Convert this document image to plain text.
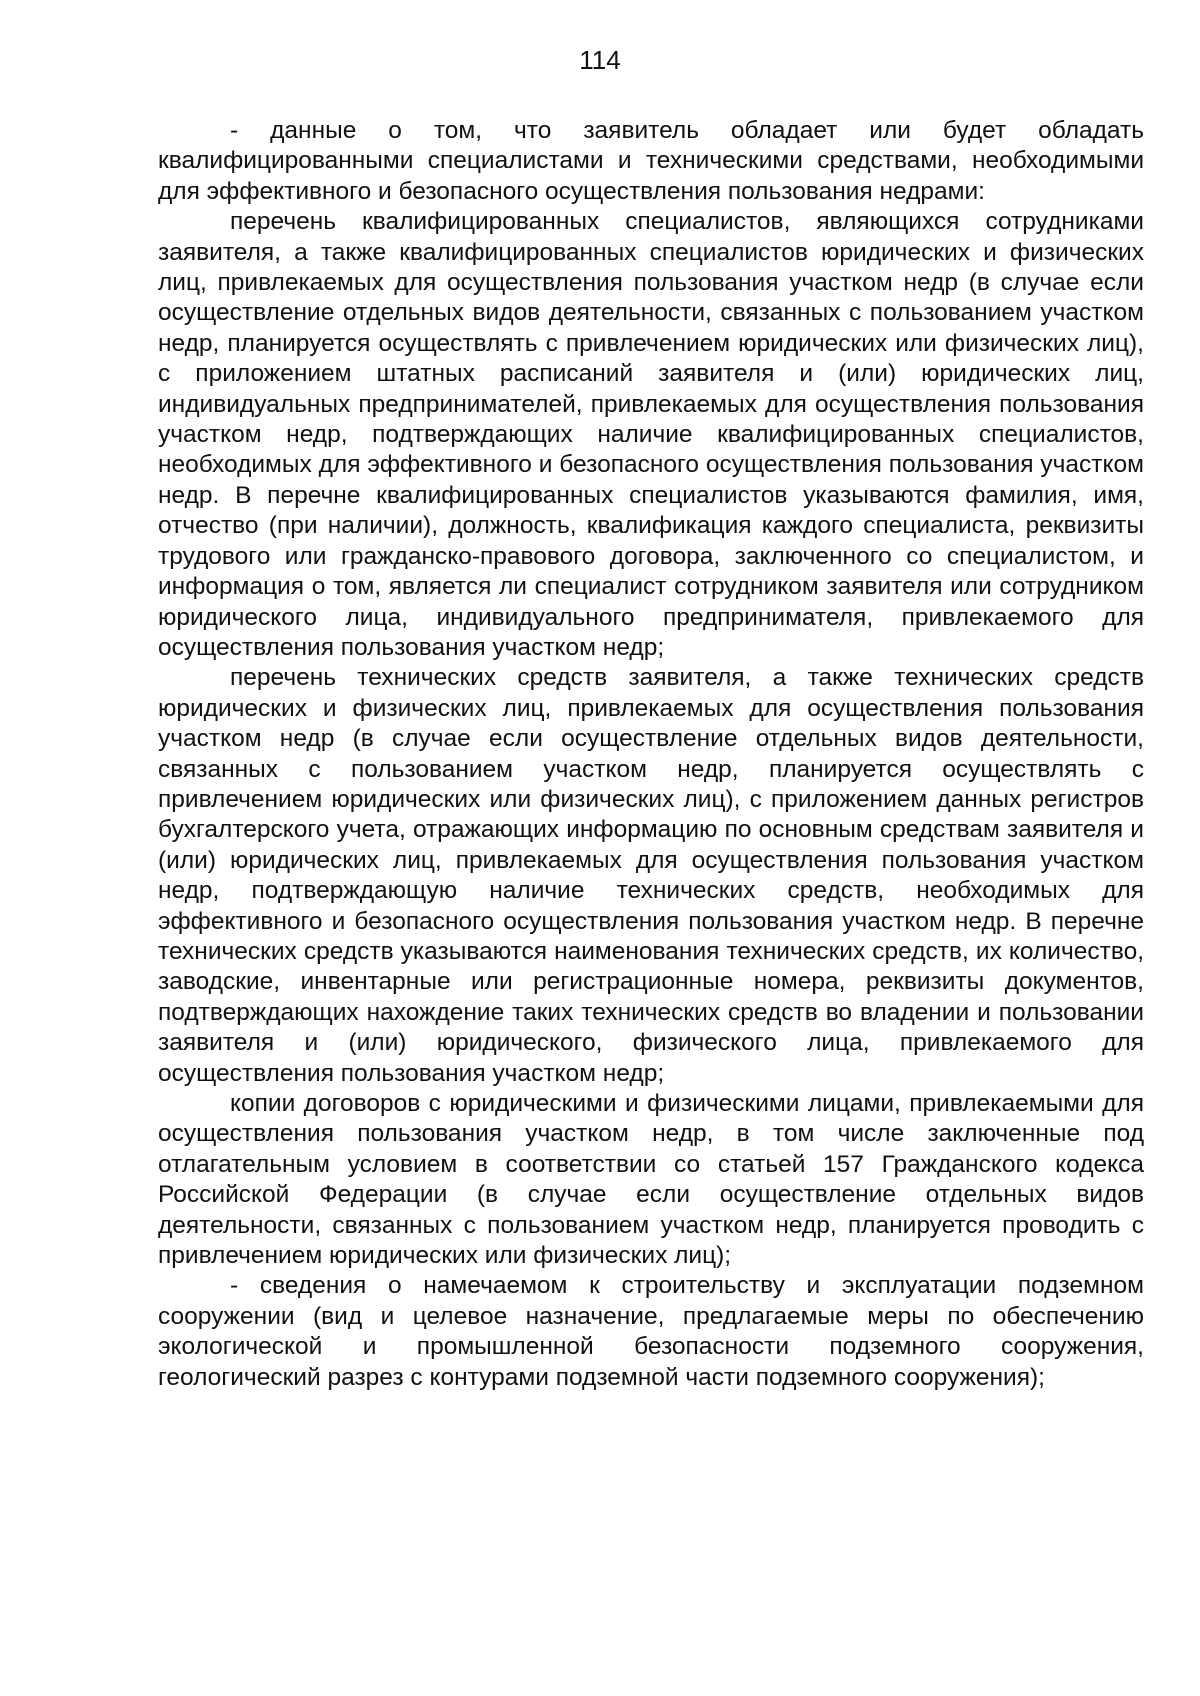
114

- данные о том, что заявитель обладает или будет обладать квалифицированными специалистами и техническими средствами, необходимыми для эффективного и безопасного осуществления пользования недрами:

перечень квалифицированных специалистов, являющихся сотрудниками заявителя, а также квалифицированных специалистов юридических и физических лиц, привлекаемых для осуществления пользования участком недр (в случае если осуществление отдельных видов деятельности, связанных с пользованием участком недр, планируется осуществлять с привлечением юридических или физических лиц), с приложением штатных расписаний заявителя и (или) юридических лиц, индивидуальных предпринимателей, привлекаемых для осуществления пользования участком недр, подтверждающих наличие квалифицированных специалистов, необходимых для эффективного и безопасного осуществления пользования участком недр. В перечне квалифицированных специалистов указываются фамилия, имя, отчество (при наличии), должность, квалификация каждого специалиста, реквизиты трудового или гражданско-правового договора, заключенного со специалистом, и информация о том, является ли специалист сотрудником заявителя или сотрудником юридического лица, индивидуального предпринимателя, привлекаемого для осуществления пользования участком недр;

перечень технических средств заявителя, а также технических средств юридических и физических лиц, привлекаемых для осуществления пользования участком недр (в случае если осуществление отдельных видов деятельности, связанных с пользованием участком недр, планируется осуществлять с привлечением юридических или физических лиц), с приложением данных регистров бухгалтерского учета, отражающих информацию по основным средствам заявителя и (или) юридических лиц, привлекаемых для осуществления пользования участком недр, подтверждающую наличие технических средств, необходимых для эффективного и безопасного осуществления пользования участком недр. В перечне технических средств указываются наименования технических средств, их количество, заводские, инвентарные или регистрационные номера, реквизиты документов, подтверждающих нахождение таких технических средств во владении и пользовании заявителя и (или) юридического, физического лица, привлекаемого для осуществления пользования участком недр;

копии договоров с юридическими и физическими лицами, привлекаемыми для осуществления пользования участком недр, в том числе заключенные под отлагательным условием в соответствии со статьей 157 Гражданского кодекса Российской Федерации (в случае если осуществление отдельных видов деятельности, связанных с пользованием участком недр, планируется проводить с привлечением юридических или физических лиц);

- сведения о намечаемом к строительству и эксплуатации подземном сооружении (вид и целевое назначение, предлагаемые меры по обеспечению экологической и промышленной безопасности подземного сооружения, геологический разрез с контурами подземной части подземного сооружения);
